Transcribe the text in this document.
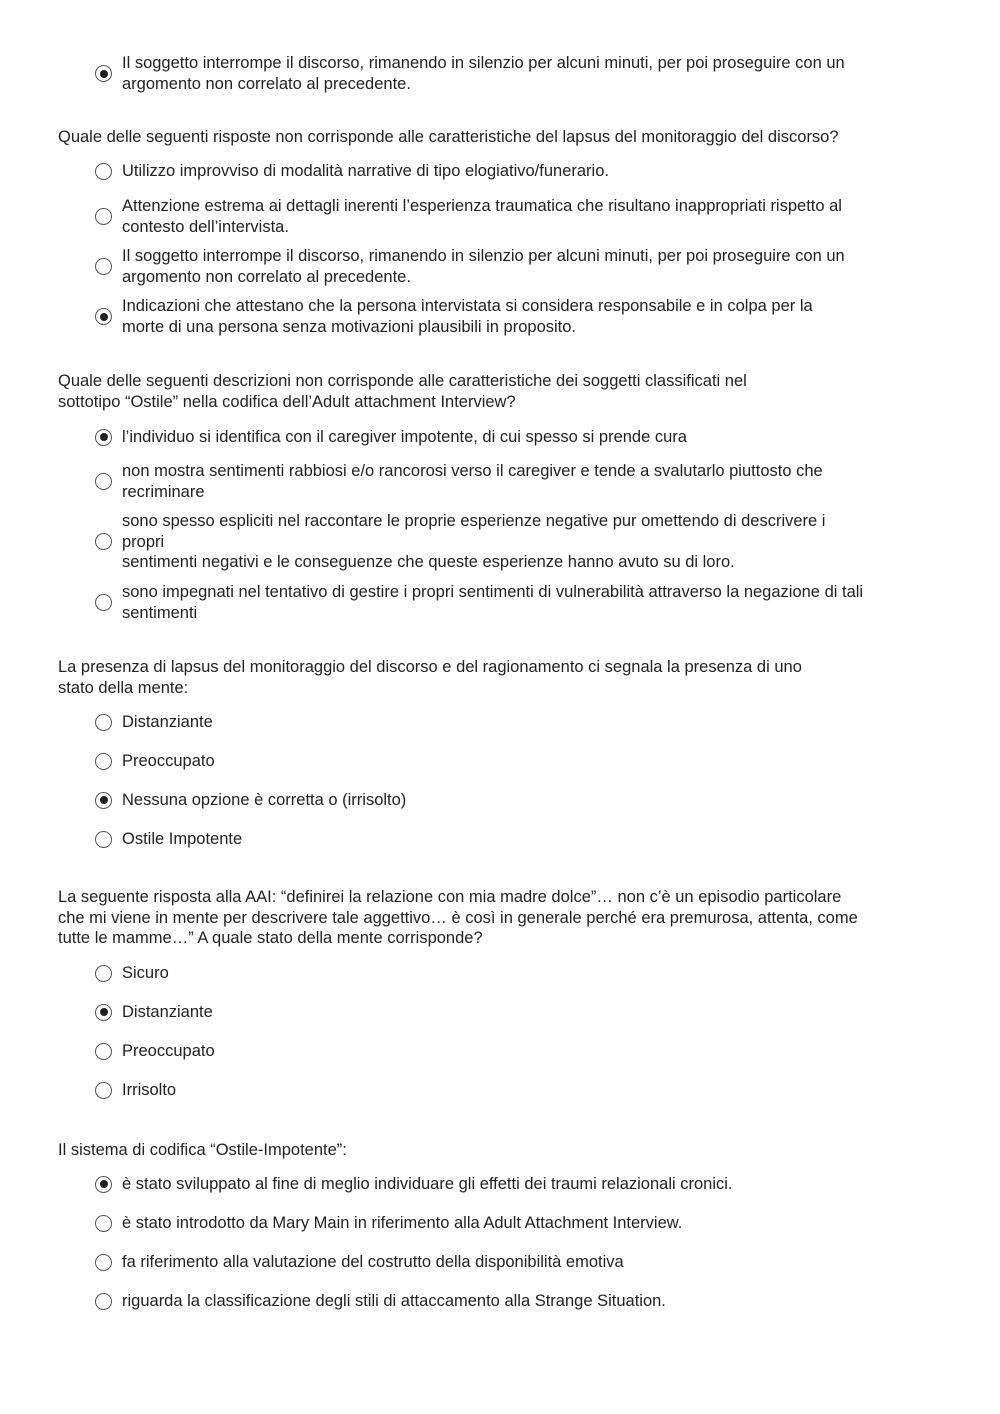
Il soggetto interrompe il discorso, rimanendo in silenzio per alcuni minuti, per poi proseguire con un
argomento non correlato al precedente.
Quale delle seguenti risposte non corrisponde alle caratteristiche del lapsus del monitoraggio del discorso?
Utilizzo improvviso di modalità narrative di tipo elogiativo/funerario.
Attenzione estrema ai dettagli inerenti l’esperienza traumatica che risultano inappropriati rispetto al
contesto dell’intervista.
Il soggetto interrompe il discorso, rimanendo in silenzio per alcuni minuti, per poi proseguire con un
argomento non correlato al precedente.
Indicazioni che attestano che la persona intervistata si considera responsabile e in colpa per la
morte di una persona senza motivazioni plausibili in proposito.
Quale delle seguenti descrizioni non corrisponde alle caratteristiche dei soggetti classificati nel
sottotipo “Ostile” nella codifica dell’Adult attachment Interview?
l’individuo si identifica con il caregiver impotente, di cui spesso si prende cura
non mostra sentimenti rabbiosi e/o rancorosi verso il caregiver e tende a svalutarlo piuttosto che
recriminare
sono spesso espliciti nel raccontare le proprie esperienze negative pur omettendo di descrivere i
propri
sentimenti negativi e le conseguenze che queste esperienze hanno avuto su di loro.
sono impegnati nel tentativo di gestire i propri sentimenti di vulnerabilità attraverso la negazione di tali
sentimenti
La presenza di lapsus del monitoraggio del discorso e del ragionamento ci segnala la presenza di uno
stato della mente:
Distanziante
Preoccupato
Nessuna opzione è corretta o (irrisolto)
Ostile Impotente
La seguente risposta alla AAI: “definirei la relazione con mia madre dolce”… non c’è un episodio particolare
che mi viene in mente per descrivere tale aggettivo… è così in generale perché era premurosa, attenta, come
tutte le mamme…” A quale stato della mente corrisponde?
Sicuro
Distanziante
Preoccupato
Irrisolto
Il sistema di codifica “Ostile-Impotente”:
è stato sviluppato al fine di meglio individuare gli effetti dei traumi relazionali cronici.
è stato introdotto da Mary Main in riferimento alla Adult Attachment Interview.
fa riferimento alla valutazione del costrutto della disponibilità emotiva
riguarda la classificazione degli stili di attaccamento alla Strange Situation.
